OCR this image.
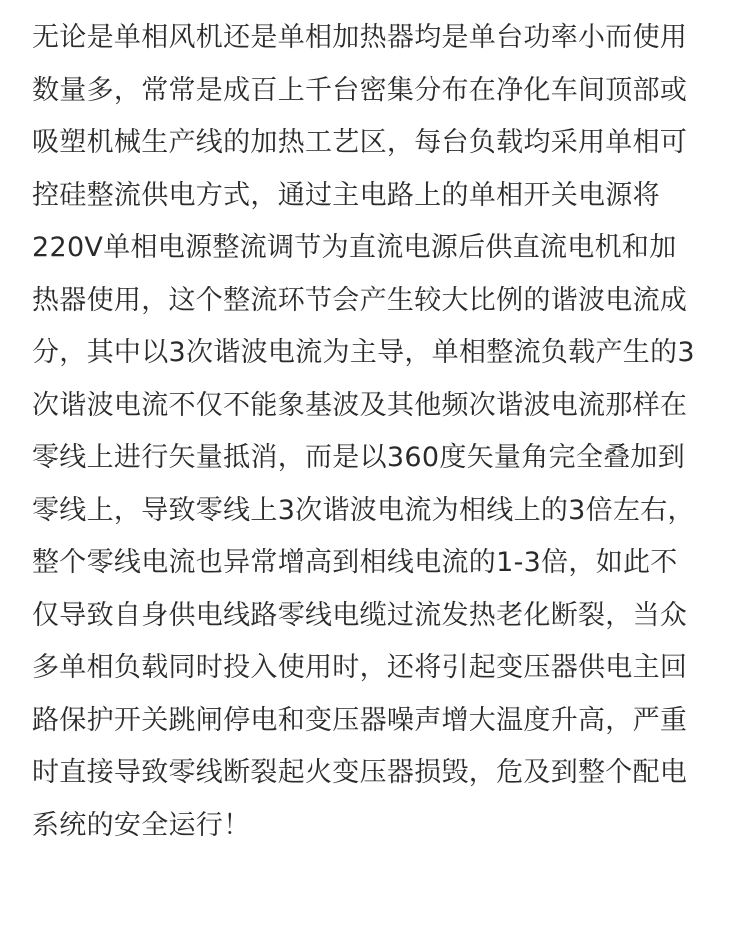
无论是单相风机还是单相加热器均是单台功率小而使用
数量多，常常是成百上千台密集分布在净化车间顶部或
吸塑机械生产线的加热工艺区，每台负载均采用单相可
控硅整流供电方式，通过主电路上的单相开关电源将
220V单相电源整流调节为直流电源后供直流电机和加
热器使用，这个整流环节会产生较大比例的谐波电流成
分，其中以3次谐波电流为主导，单相整流负载产生的3
次谐波电流不仅不能象基波及其他频次谐波电流那样在
零线上进行矢量抵消，而是以360度矢量角完全叠加到
零线上，导致零线上3次谐波电流为相线上的3倍左右，
整个零线电流也异常增高到相线电流的1-3倍，如此不
仅导致自身供电线路零线电缆过流发热老化断裂，当众
多单相负载同时投入使用时，还将引起变压器供电主回
路保护开关跳闸停电和变压器噪声增大温度升高，严重
时直接导致零线断裂起火变压器损毁，危及到整个配电
系统的安全运行！
